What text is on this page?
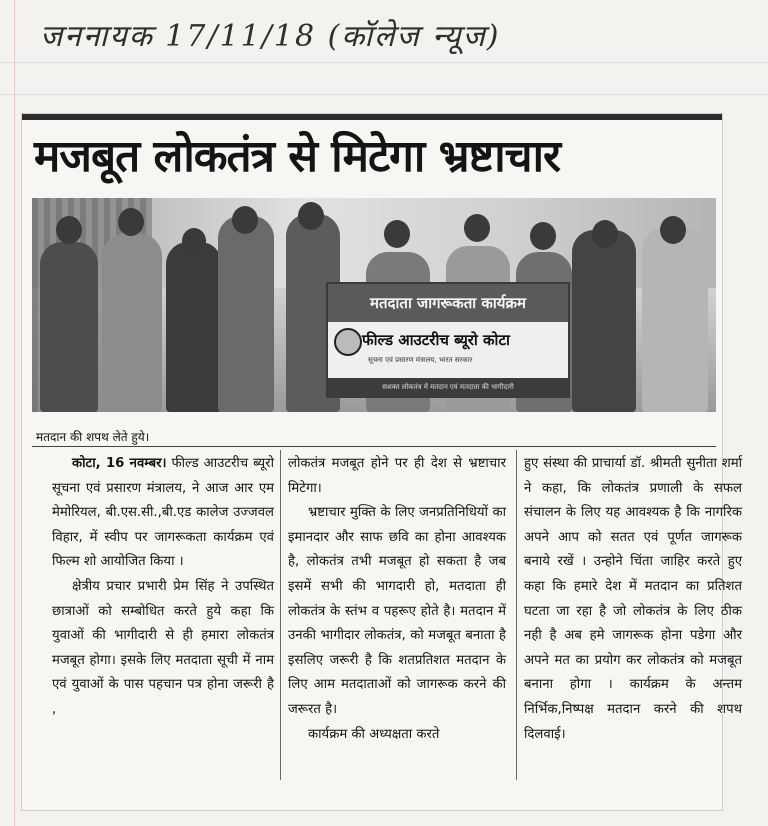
जननायक 17/11/18 (कॉलेज न्यूज)
मजबूत लोकतंत्र से मिटेगा भ्रष्टाचार
मतदाता जागरूकता कार्यक्रम
फील्ड आउटरीच ब्यूरो कोटा
सूचना एवं प्रसारण मंत्रालय, भारत सरकार
सशक्त लोकतंत्र में मतदान एवं मतदाता की भागीदारी
मतदान की शपथ लेते हुये।

कोटा, 16 नवम्बर। फील्ड आउटरीच ब्यूरो सूचना एवं प्रसारण मंत्रालय, ने आज आर एम मेमोरियल, बी.एस.सी.,बी.एड कालेज उज्जवल विहार, में स्वीप पर जागरूकता कार्यक्रम एवं फिल्म शो आयोजित किया ।

क्षेत्रीय प्रचार प्रभारी प्रेम सिंह ने उपस्थित छात्राओं को सम्बोधित करते हुये कहा कि युवाओं की भागीदारी से ही हमारा लोकतंत्र मजबूत होगा। इसके लिए मतदाता सूची में नाम एवं युवाओं के पास पहचान पत्र होना जरूरी है ,

लोकतंत्र मजबूत होने पर ही देश से भ्रष्टाचार मिटेगा।

भ्रष्टाचार मुक्ति के लिए जनप्रतिनिधियों का इमानदार और साफ छवि का होना आवश्यक है, लोकतंत्र तभी मजबूत हो सकता है जब इसमें सभी की भागदारी हो, मतदाता ही लोकतंत्र के स्तंभ व पहरूए होते है। मतदान में उनकी भागीदार लोकतंत्र, को मजबूत बनाता है इसलिए जरूरी है कि शतप्रतिशत मतदान के लिए आम मतदाताओं को जागरूक करने की जरूरत है।

कार्यक्रम की अध्यक्षता करते

हुए संस्था की प्राचार्या डॉ. श्रीमती सुनीता शर्मा ने कहा, कि लोकतंत्र प्रणाली के सफल संचालन के लिए यह आवश्यक है कि नागरिक अपने आप को सतत एवं पूर्णत जागरूक बनाये रखें । उन्होने चिंता जाहिर करते हुए कहा कि हमारे देश में मतदान का प्रतिशत घटता जा रहा है जो लोकतंत्र के लिए ठीक नही है अब हमे जागरूक होना पडेगा और अपने मत का प्रयोग कर लोकतंत्र को मजबूत बनाना होगा । कार्यक्रम के अन्तम निर्भिक,निष्पक्ष मतदान करने की शपथ दिलवाई।
